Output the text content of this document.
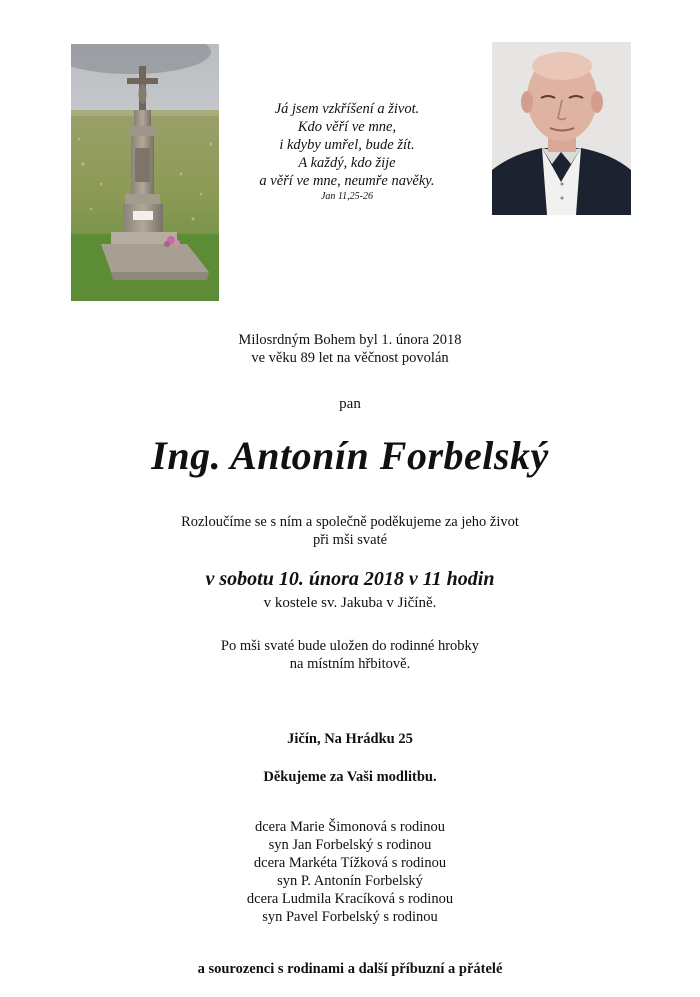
Já jsem vzkříšení a život.
Kdo věří ve mne,
i kdyby umřel, bude žít.
A každý, kdo žije
a věří ve mne, neumře navěky.
Jan 11,25-26
Milosrdným Bohem byl 1. února 2018
ve věku 89 let na věčnost povolán
pan
Ing. Antonín Forbelský
Rozloučíme se s ním a společně poděkujeme za jeho život
při mši svaté
v sobotu 10. února 2018 v 11 hodin
v kostele sv. Jakuba v Jičíně.
Po mši svaté bude uložen do rodinné hrobky
na místním hřbitově.
Jičín, Na Hrádku 25
Děkujeme za Vaši modlitbu.
dcera Marie Šimonová s rodinou
syn Jan Forbelský s rodinou
dcera Markéta Tížková s rodinou
syn P. Antonín Forbelský
dcera Ludmila Kracíková s rodinou
syn Pavel Forbelský s rodinou
a sourozenci s rodinami a další příbuzní a přátelé
